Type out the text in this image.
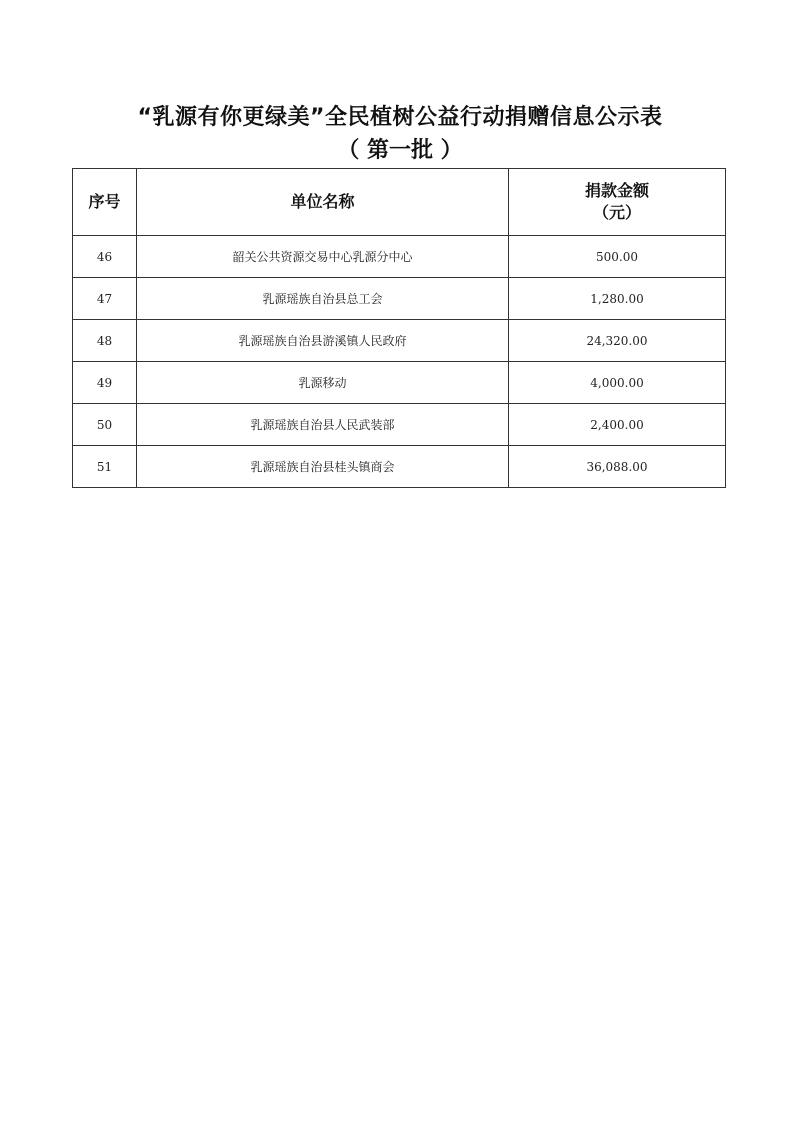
“乳源有你更绿美”全民植树公益行动捐赠信息公示表
（ 第一批 ）
序号	单位名称	捐款金额
（元）

46	韶关公共资源交易中心乳源分中心	500.00
47	乳源瑶族自治县总工会	1,280.00
48	乳源瑶族自治县游溪镇人民政府	24,320.00
49	乳源移动	4,000.00
50	乳源瑶族自治县人民武装部	2,400.00
51	乳源瑶族自治县桂头镇商会	36,088.00
